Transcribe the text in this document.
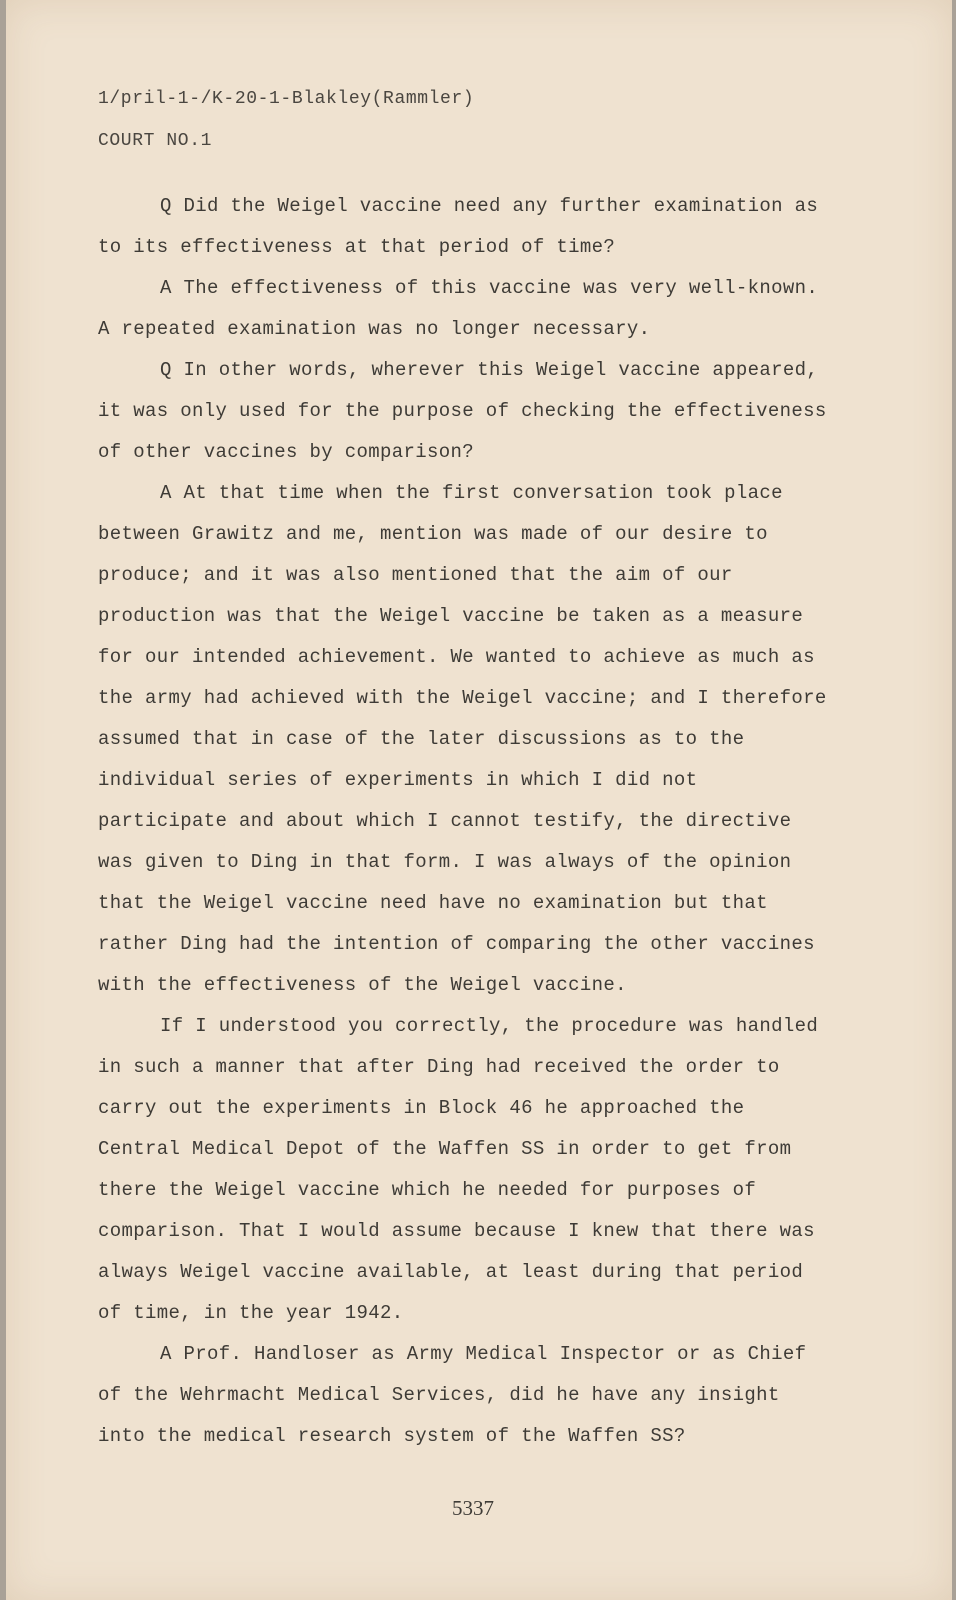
1/pril-1-/K-20-1-Blakley(Rammler)
COURT NO.1

Q Did the Weigel vaccine need any further examination as to its effectiveness at that period of time?

A The effectiveness of this vaccine was very well-known. A repeated examination was no longer necessary.

Q In other words, wherever this Weigel vaccine appeared, it was only used for the purpose of checking the effectiveness of other vaccines by comparison?

A At that time when the first conversation took place between Grawitz and me, mention was made of our desire to produce; and it was also mentioned that the aim of our production was that the Weigel vaccine be taken as a measure for our intended achievement. We wanted to achieve as much as the army had achieved with the Weigel vaccine; and I therefore assumed that in case of the later discussions as to the individual series of experiments in which I did not participate and about which I cannot testify, the directive was given to Ding in that form. I was always of the opinion that the Weigel vaccine need have no examination but that rather Ding had the intention of comparing the other vaccines with the effectiveness of the Weigel vaccine.

If I understood you correctly, the procedure was handled in such a manner that after Ding had received the order to carry out the experiments in Block 46 he approached the Central Medical Depot of the Waffen SS in order to get from there the Weigel vaccine which he needed for purposes of comparison. That I would assume because I knew that there was always Weigel vaccine available, at least during that period of time, in the year 1942.

A Prof. Handloser as Army Medical Inspector or as Chief of the Wehrmacht Medical Services, did he have any insight into the medical research system of the Waffen SS?

5337
